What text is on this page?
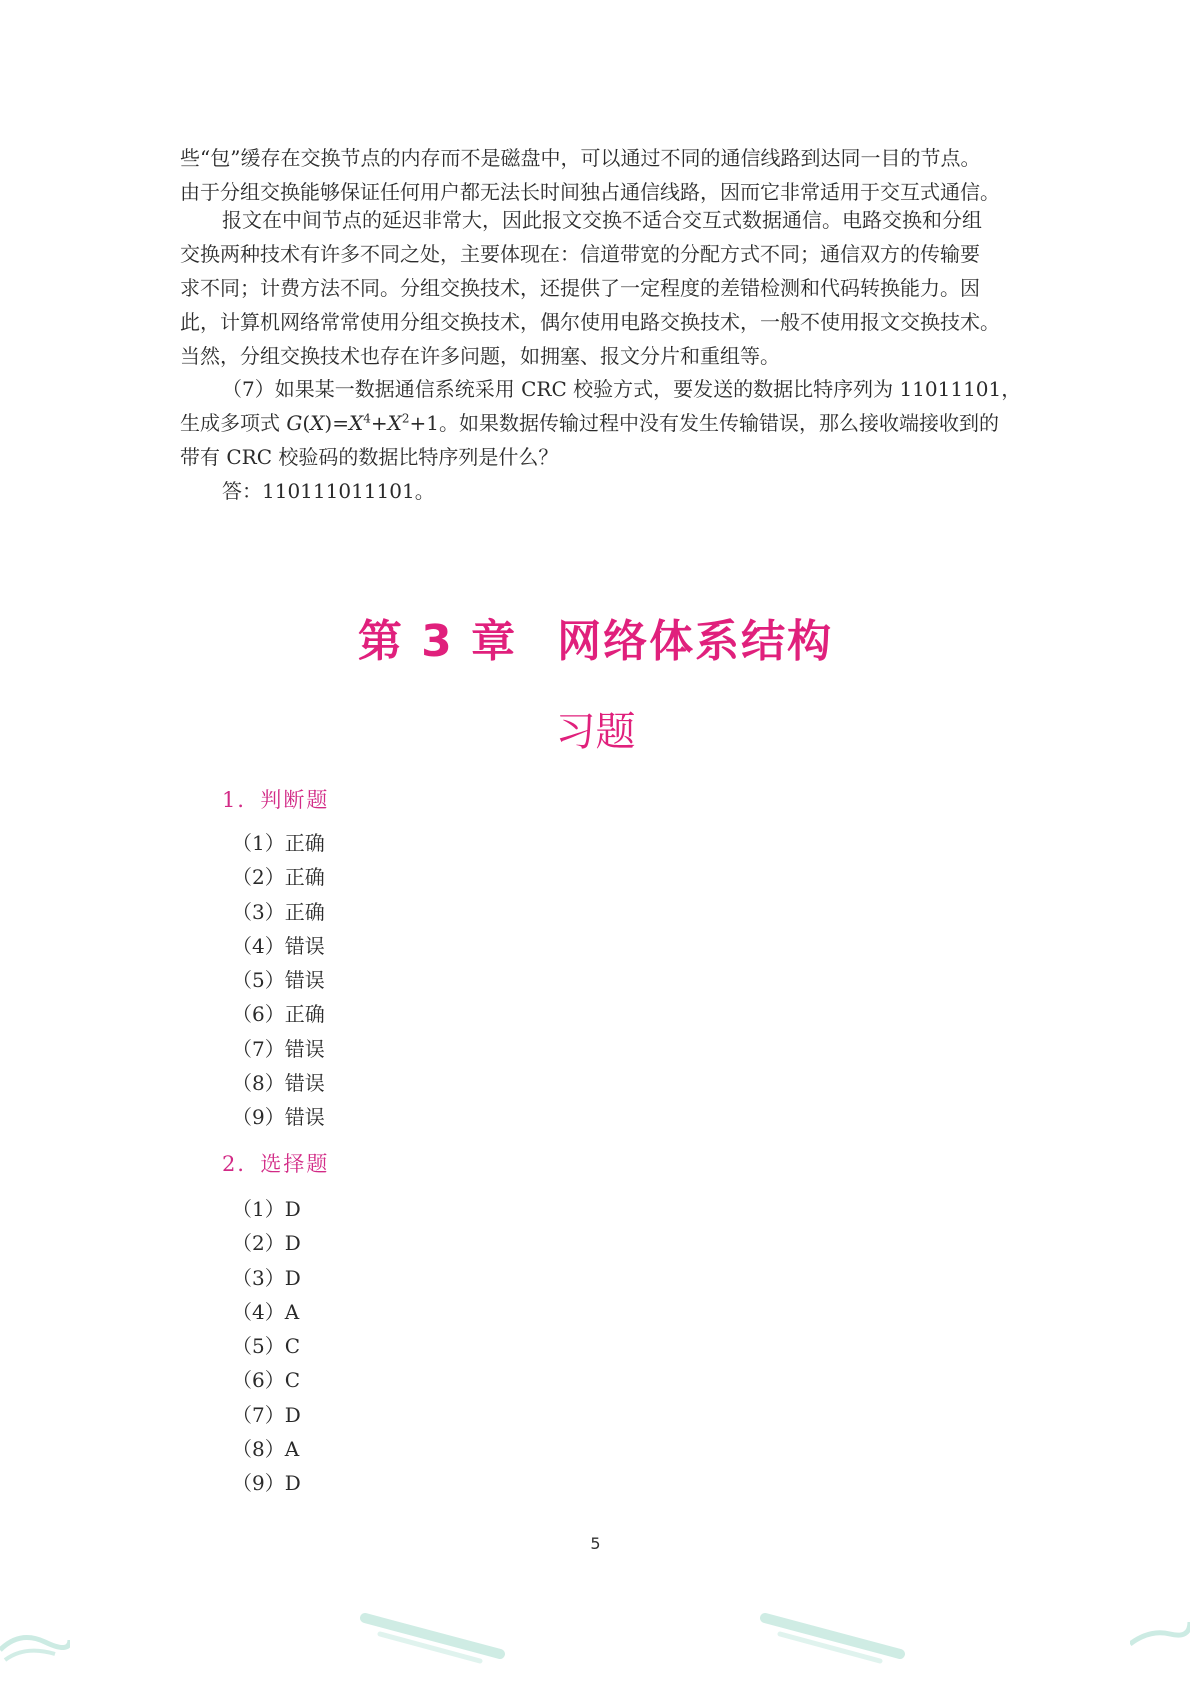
些“包”缓存在交换节点的内存而不是磁盘中，可以通过不同的通信线路到达同一目的节点。
由于分组交换能够保证任何用户都无法长时间独占通信线路，因而它非常适用于交互式通信。
报文在中间节点的延迟非常大，因此报文交换不适合交互式数据通信。电路交换和分组
交换两种技术有许多不同之处，主要体现在：信道带宽的分配方式不同；通信双方的传输要
求不同；计费方法不同。分组交换技术，还提供了一定程度的差错检测和代码转换能力。因
此，计算机网络常常使用分组交换技术，偶尔使用电路交换技术，一般不使用报文交换技术。
当然，分组交换技术也存在许多问题，如拥塞、报文分片和重组等。
（7）如果某一数据通信系统采用 CRC 校验方式，要发送的数据比特序列为 11011101，
生成多项式 $G(X)=X^4+X^2+1$。如果数据传输过程中没有发生传输错误，那么接收端接收到的
带有 CRC 校验码的数据比特序列是什么？
答：110111011101。
第 3 章 网络体系结构
习题
1．判断题
（1）正确
（2）正确
（3）正确
（4）错误
（5）错误
（6）正确
（7）错误
（8）错误
（9）错误
2．选择题
（1）D
（2）D
（3）D
（4）A
（5）C
（6）C
（7）D
（8）A
（9）D
5
